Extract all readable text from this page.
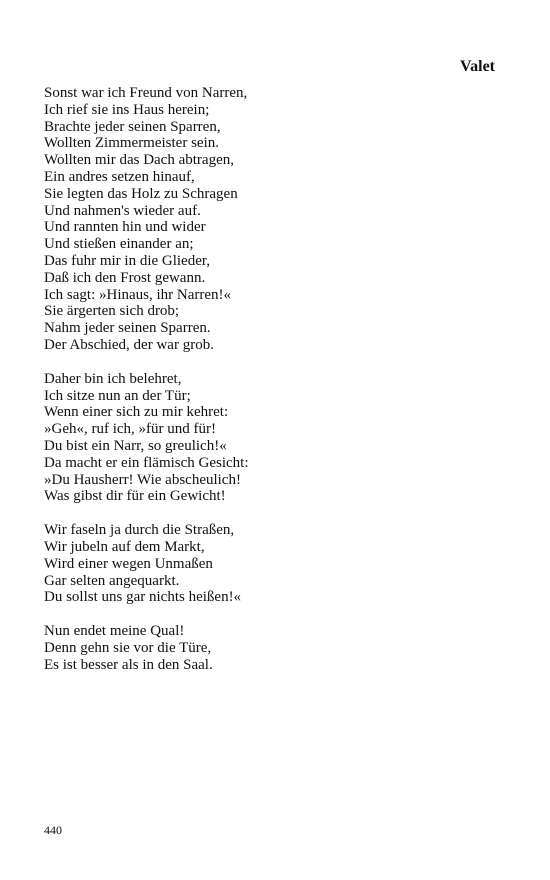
Valet
Sonst war ich Freund von Narren,
Ich rief sie ins Haus herein;
Brachte jeder seinen Sparren,
Wollten Zimmermeister sein.
Wollten mir das Dach abtragen,
Ein andres setzen hinauf,
Sie legten das Holz zu Schragen
Und nahmen's wieder auf.
Und rannten hin und wider
Und stießen einander an;
Das fuhr mir in die Glieder,
Daß ich den Frost gewann.
Ich sagt: »Hinaus, ihr Narren!«
Sie ärgerten sich drob;
Nahm jeder seinen Sparren.
Der Abschied, der war grob.
Daher bin ich belehret,
Ich sitze nun an der Tür;
Wenn einer sich zu mir kehret:
»Geh«, ruf ich, »für und für!
Du bist ein Narr, so greulich!«
Da macht er ein flämisch Gesicht:
»Du Hausherr! Wie abscheulich!
Was gibst dir für ein Gewicht!
Wir faseln ja durch die Straßen,
Wir jubeln auf dem Markt,
Wird einer wegen Unmaßen
Gar selten angequarkt.
Du sollst uns gar nichts heißen!«
Nun endet meine Qual!
Denn gehn sie vor die Türe,
Es ist besser als in den Saal.
440
